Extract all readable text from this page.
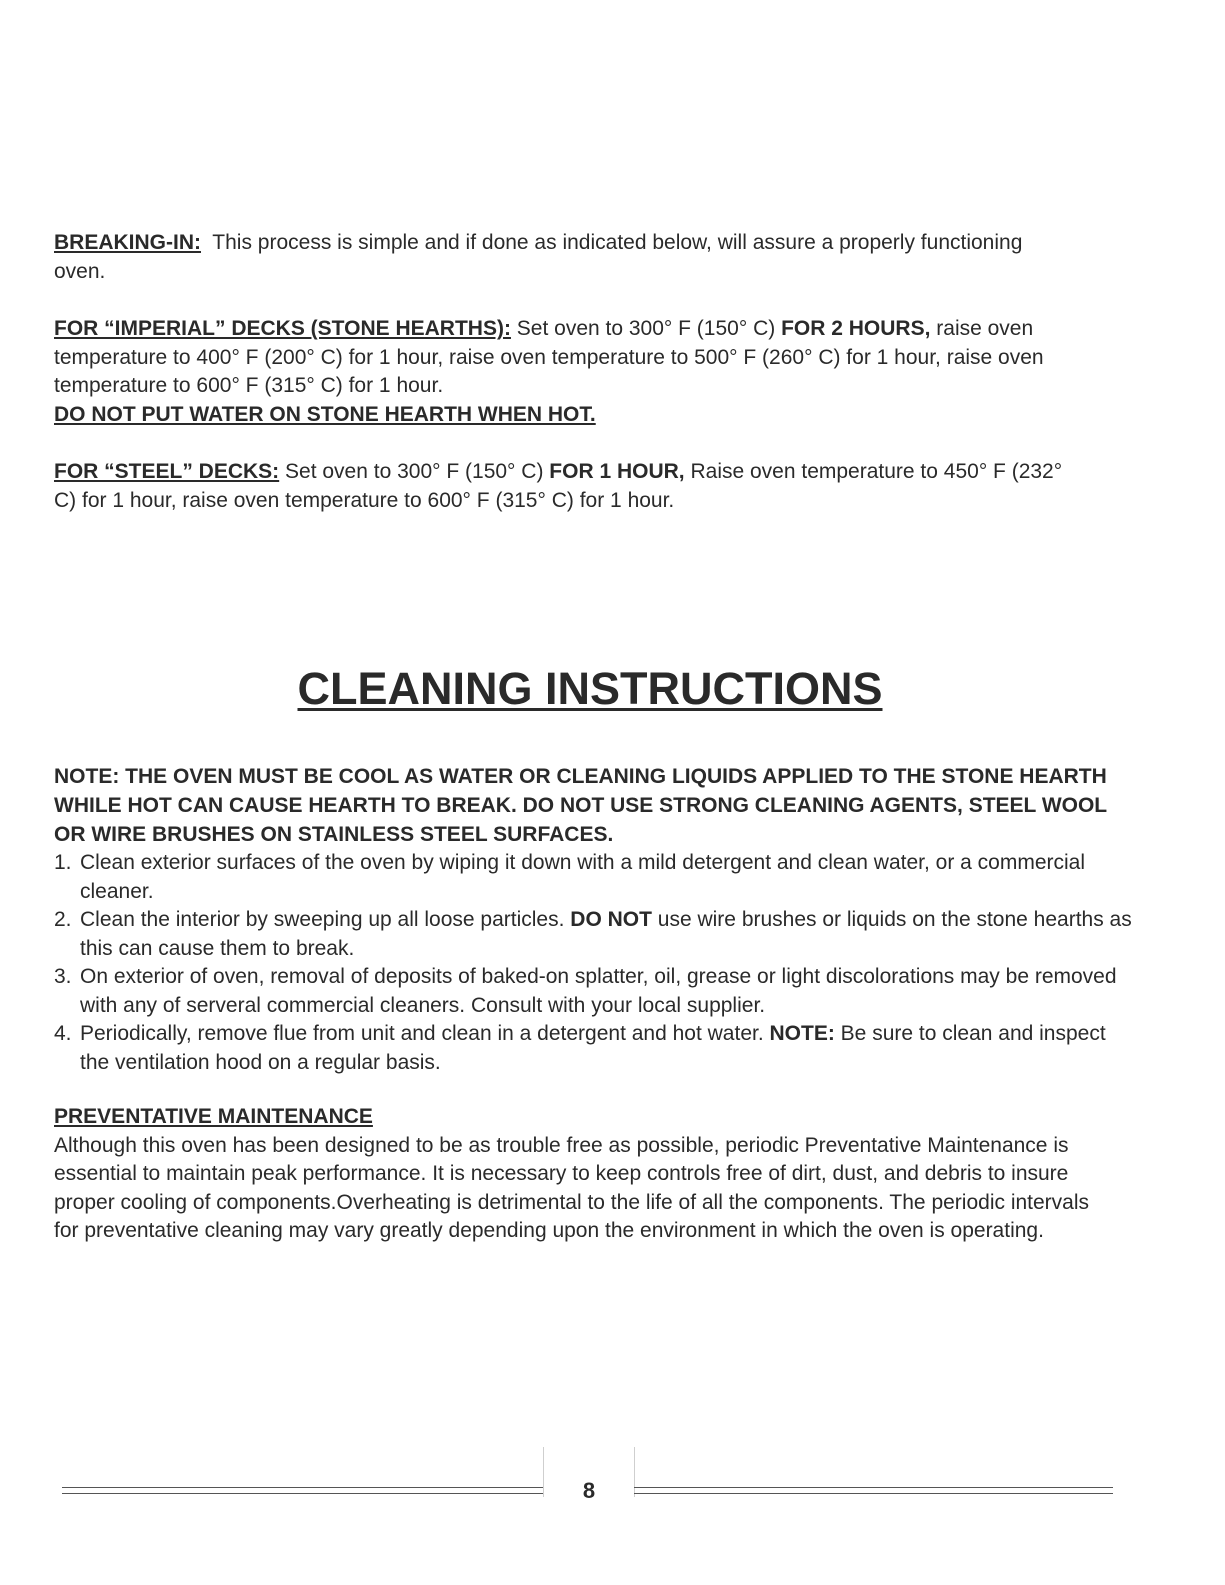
BREAKING-IN:  This process is simple and if done as indicated below, will assure a properly functioning oven.
FOR “IMPERIAL” DECKS (STONE HEARTHS): Set oven to 300° F (150° C) FOR 2 HOURS, raise oven temperature to 400° F (200° C) for 1 hour, raise oven temperature to 500° F (260° C) for 1 hour, raise oven temperature to 600° F (315° C) for 1 hour.
DO NOT PUT WATER ON STONE HEARTH WHEN HOT.
FOR “STEEL” DECKS: Set oven to 300° F (150° C) FOR 1 HOUR, Raise oven temperature to 450° F (232° C) for 1 hour, raise oven temperature to 600° F (315° C) for 1 hour.
CLEANING INSTRUCTIONS
NOTE: THE OVEN MUST BE COOL AS WATER OR CLEANING LIQUIDS APPLIED TO THE STONE HEARTH WHILE HOT CAN CAUSE HEARTH TO BREAK. DO NOT USE STRONG CLEANING AGENTS, STEEL WOOL OR WIRE BRUSHES ON STAINLESS STEEL SURFACES.
1. Clean exterior surfaces of the oven by wiping it down with a mild detergent and clean water, or a commercial cleaner.
2. Clean the interior by sweeping up all loose particles. DO NOT use wire brushes or liquids on the stone hearths as this can cause them to break.
3. On exterior of oven, removal of deposits of baked-on splatter, oil, grease or light discolorations may be removed with any of serveral commercial cleaners. Consult with your local supplier.
4. Periodically, remove flue from unit and clean in a detergent and hot water. NOTE: Be sure to clean and inspect the ventilation hood on a regular basis.
PREVENTATIVE MAINTENANCE
Although this oven has been designed to be as trouble free as possible, periodic Preventative Maintenance is essential to maintain peak performance. It is necessary to keep controls free of dirt, dust, and debris to insure proper cooling of components.Overheating is detrimental to the life of all the components. The periodic intervals for preventative cleaning may vary greatly depending upon the environment in which the oven is operating.
8
